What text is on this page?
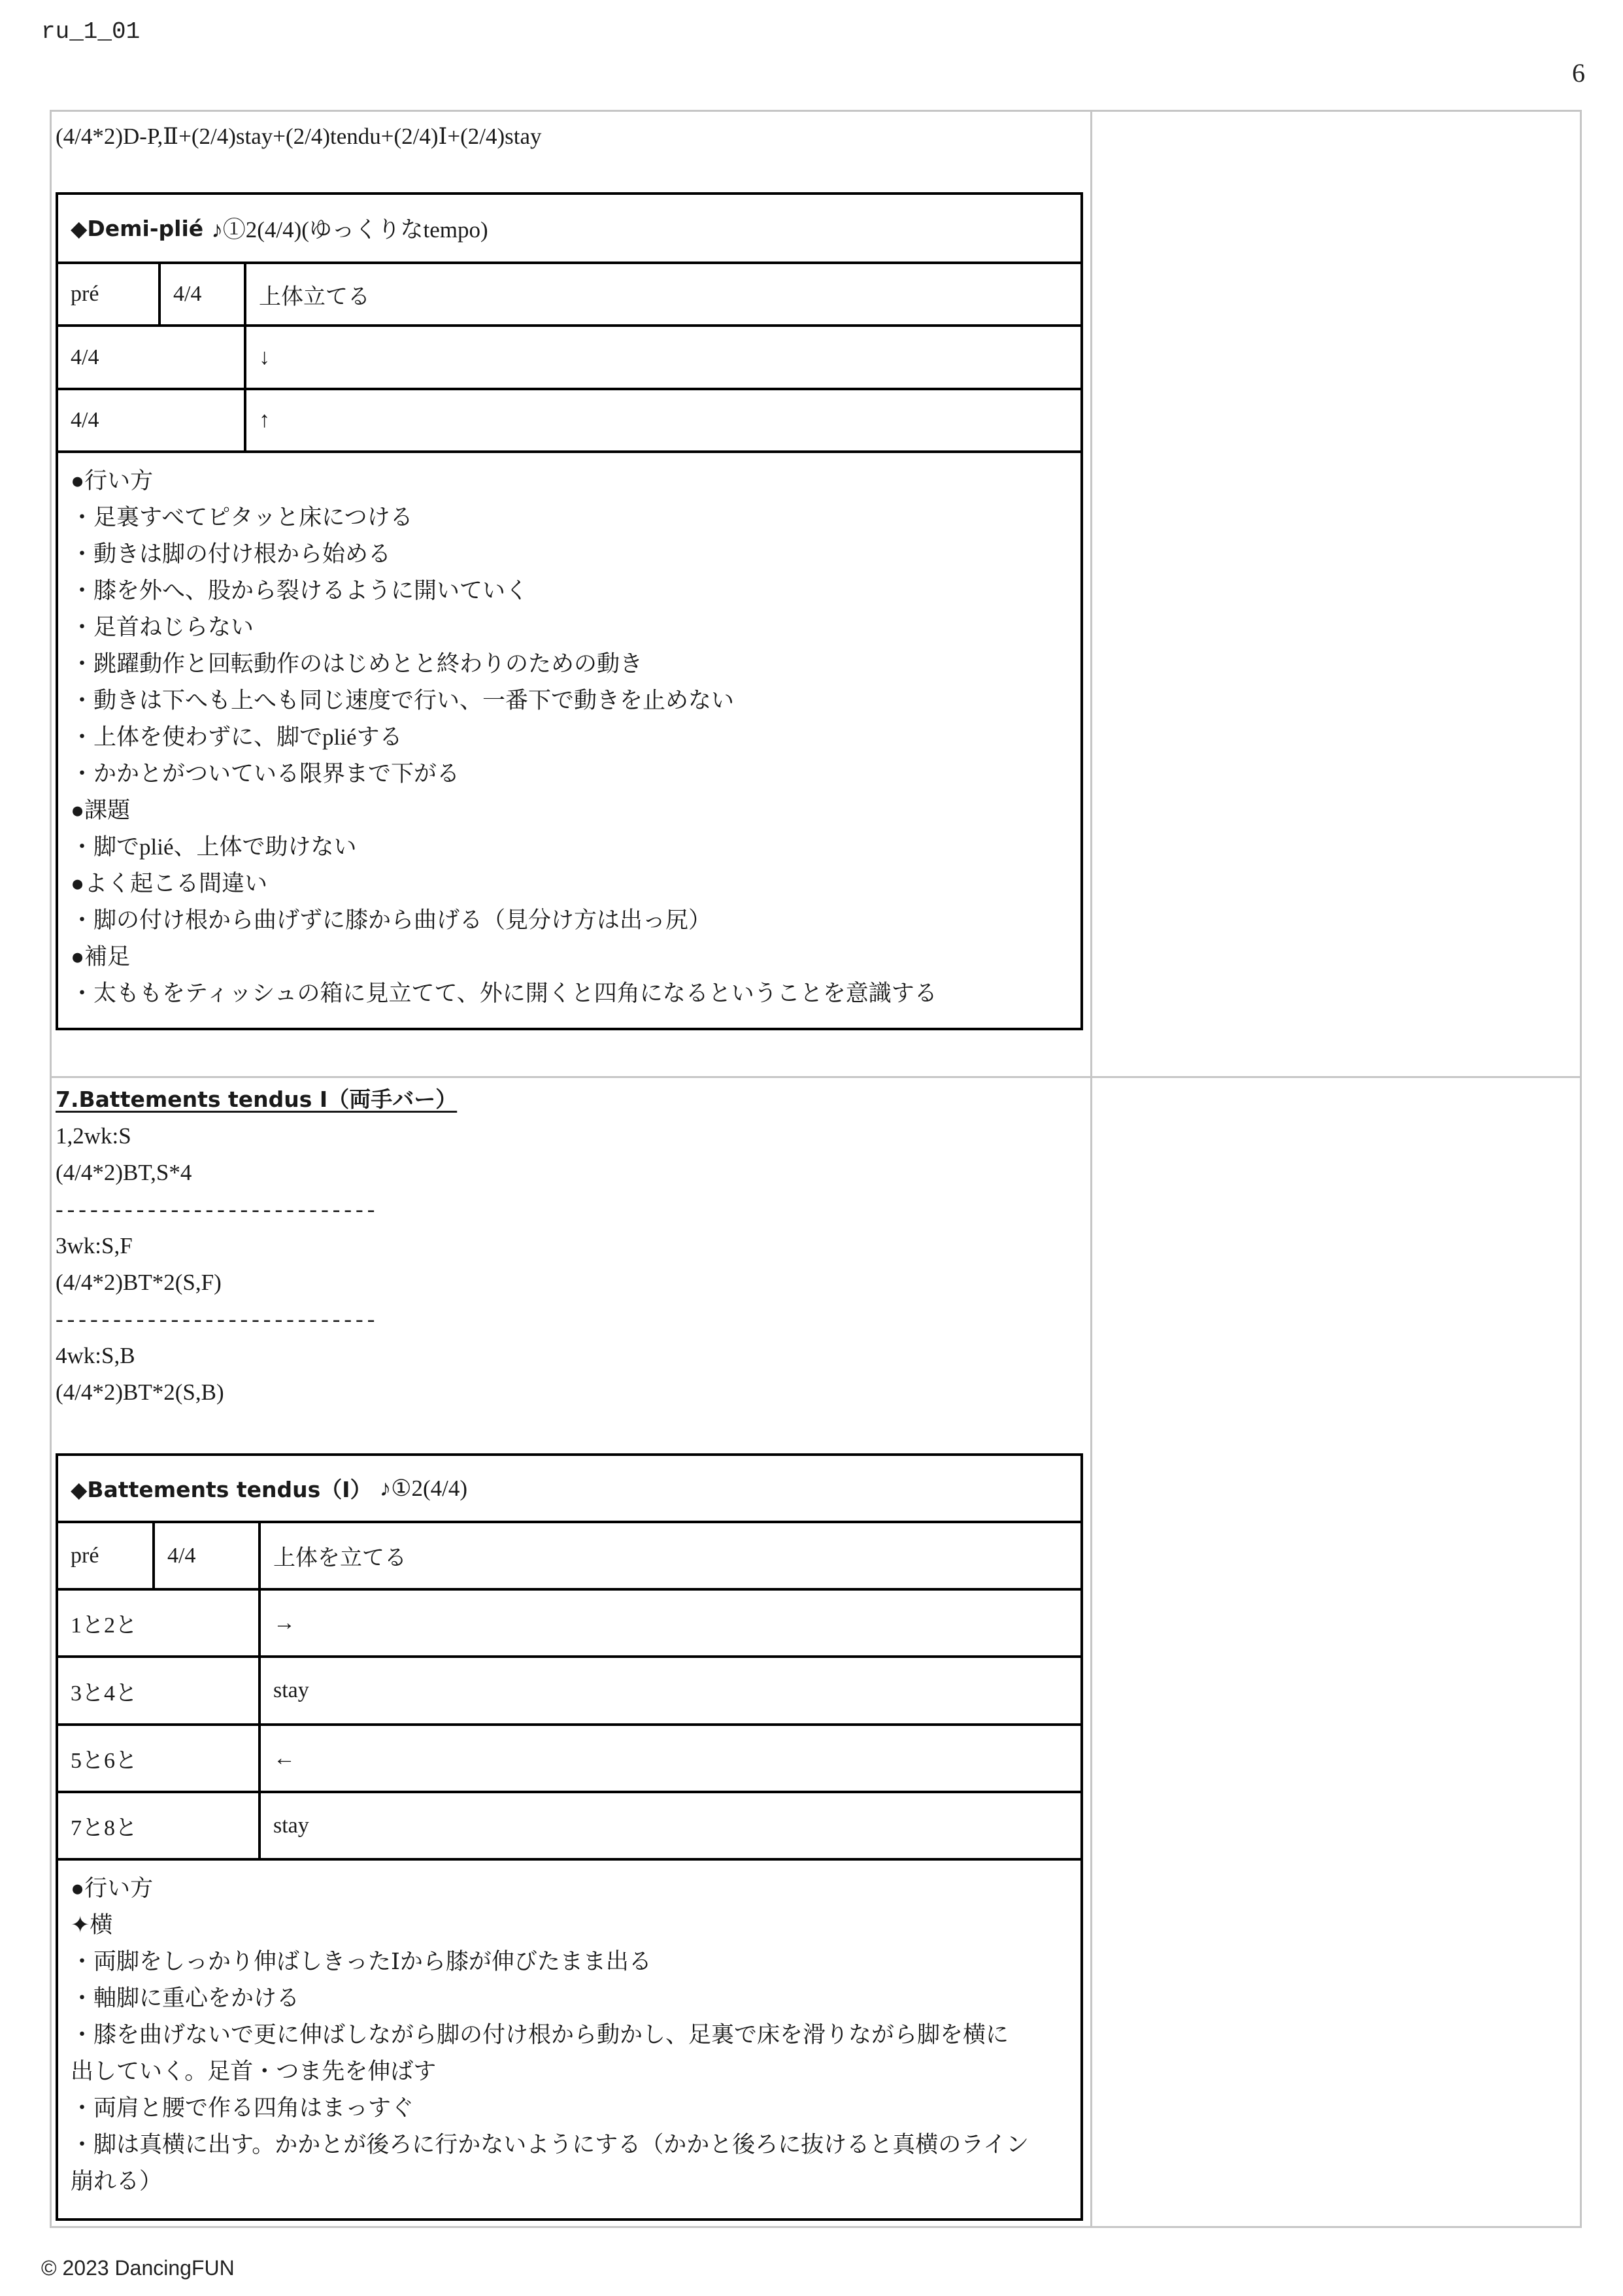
ru_1_01
6
(4/4*2)D-P,Ⅱ+(2/4)stay+(2/4)tendu+(2/4)Ⅰ+(2/4)stay
◆Demi-plié ♪①2(4/4)(ゆっくりなtempo)
pré	4/4	上体立てる
4/4	↓
4/4	↑
●行い方
・足裏すべてピタッと床につける
・動きは脚の付け根から始める
・膝を外へ、股から裂けるように開いていく
・足首ねじらない
・跳躍動作と回転動作のはじめとと終わりのための動き
・動きは下へも上へも同じ速度で行い、一番下で動きを止めない
・上体を使わずに、脚でpliéする
・かかとがついている限界まで下がる
●課題
・脚でplié、上体で助けない
●よく起こる間違い
・脚の付け根から曲げずに膝から曲げる（見分け方は出っ尻）
●補足
・太ももをティッシュの箱に見立てて、外に開くと四角になるということを意識する
7.Battements tendus Ⅰ（両手バー）
1,2wk:S
(4/4*2)BT,S*4
----------------------------
3wk:S,F
(4/4*2)BT*2(S,F)
----------------------------
4wk:S,B
(4/4*2)BT*2(S,B)
◆Battements tendus（Ⅰ） ♪①2(4/4)
pré	4/4	上体を立てる
1と2と	→
3と4と	stay
5と6と	←
7と8と	stay
●行い方
✦横
・両脚をしっかり伸ばしきったⅠから膝が伸びたまま出る
・軸脚に重心をかける
・膝を曲げないで更に伸ばしながら脚の付け根から動かし、足裏で床を滑りながら脚を横に
出していく。足首・つま先を伸ばす
・両肩と腰で作る四角はまっすぐ
・脚は真横に出す。かかとが後ろに行かないようにする（かかと後ろに抜けると真横のライン
崩れる）
© 2023 DancingFUN
